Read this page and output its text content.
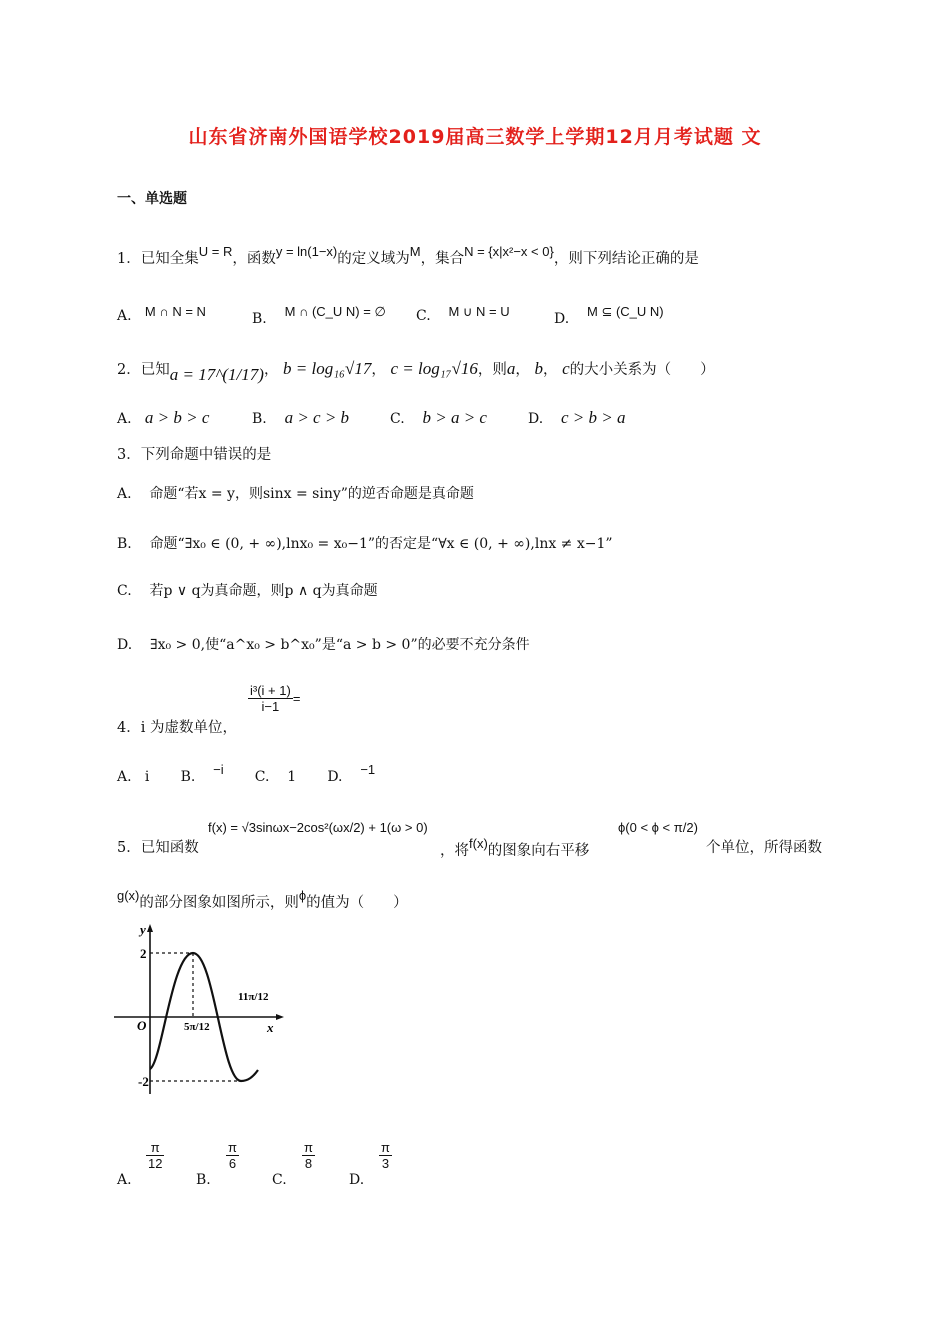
山东省济南外国语学校2019届高三数学上学期12月月考试题 文
一、单选题
1．已知全集U = R，函数y = ln(1−x)的定义域为M，集合N = {x|x²−x < 0}，则下列结论正确的是
A. M ∩ N = N	B. M ∩ (C_U N) = ∅ C. M ∪ N = U	D. M ⊆ (C_U N)
2．已知a = 17^(1/17)， b = log₁₆√17， c = log₁₇√16，则a， b， c的大小关系为（　　）
A. a > b > c	B. a > c > b	C. b > a > c	D. c > b > a
3．下列命题中错误的是
A. 命题“若x = y，则sinx = siny”的逆否命题是真命题
B. 命题“∃x₀ ∈ (0, + ∞),lnx₀ = x₀−1”的否定是“∀x ∈ (0, + ∞),lnx ≠ x−1”
C. 若p ∨ q为真命题，则p ∧ q为真命题
D. ∃x₀ > 0,使“a^x₀ > b^x₀”是“a > b > 0”的必要不充分条件
4．i 为虚数单位，
$\frac{\text{i³(i + 1)}}{i-1}$ =
A. i B. −i C. 1 D. −1
5．已知函数
f(x) = √3sinωx−2cos²(ωx/2) + 1(ω > 0)
，将f(x)的图象向右平移
ϕ(0 < ϕ < π/2)
个单位，所得函数
g(x)的部分图象如图所示，则ϕ的值为（　　）
y
x
O
2
-2
5π/12
11π/12
A.
$\frac{\pi}{12}$
B.
$\frac{\pi}{6}$
C.
$\frac{\pi}{8}$
D.
$\frac{\pi}{3}$
